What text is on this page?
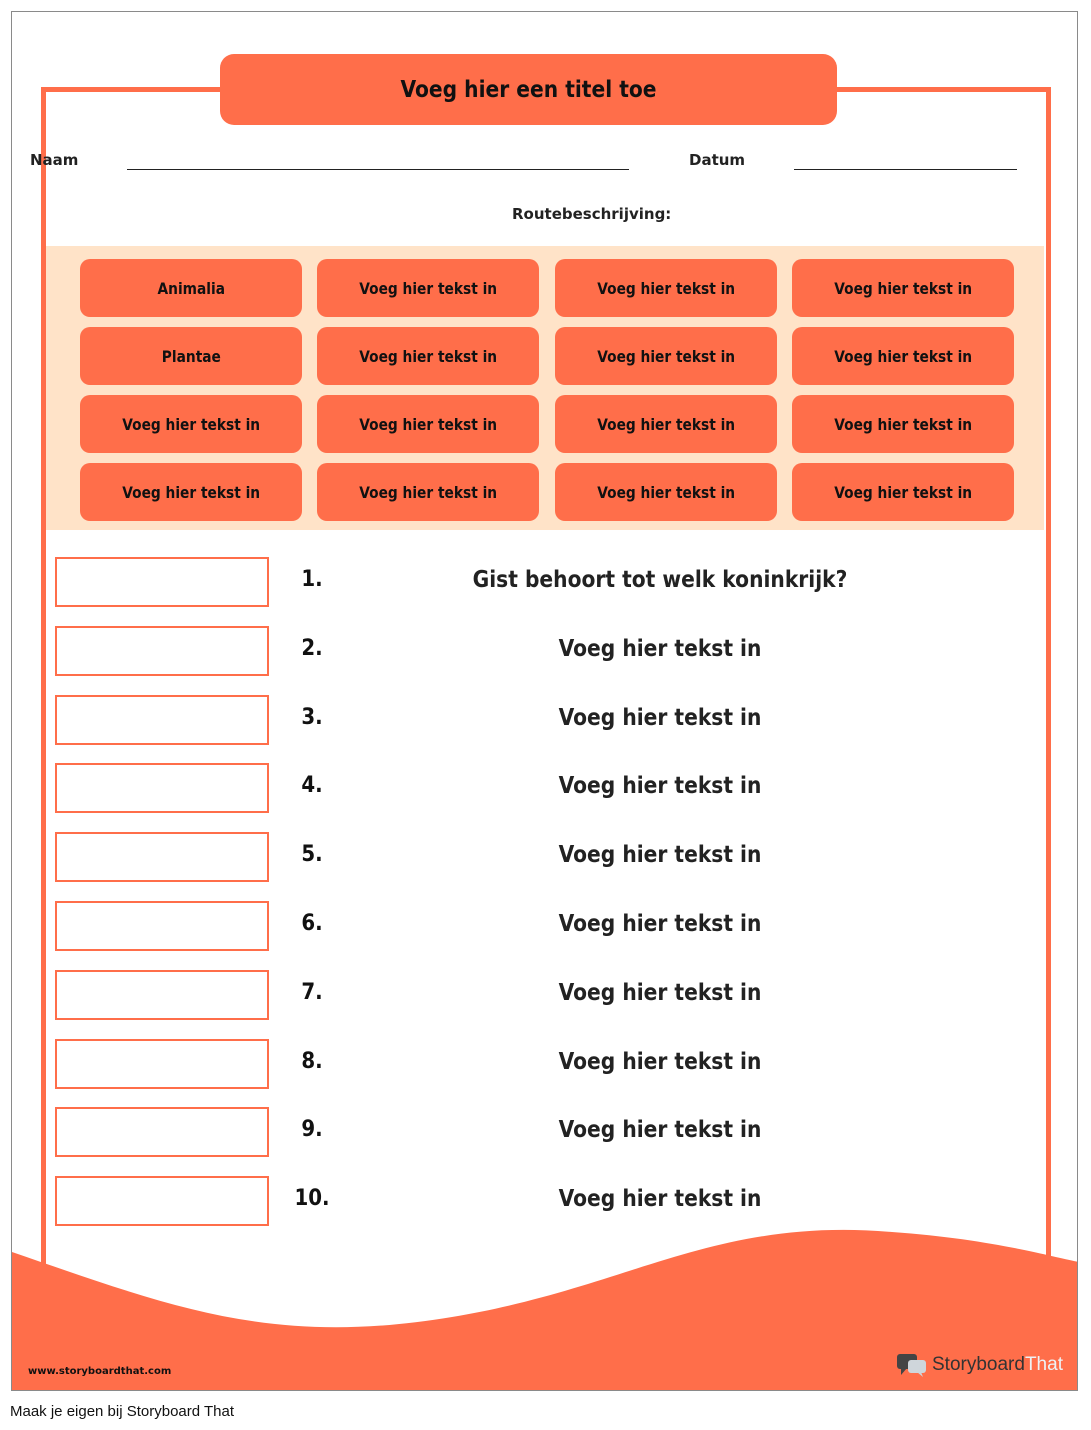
Voeg hier een titel toe
Naam	Datum
Routebeschrijving:
Animalia	Voeg hier tekst in	Voeg hier tekst in	Voeg hier tekst in
Plantae	Voeg hier tekst in	Voeg hier tekst in	Voeg hier tekst in
Voeg hier tekst in	Voeg hier tekst in	Voeg hier tekst in	Voeg hier tekst in
Voeg hier tekst in	Voeg hier tekst in	Voeg hier tekst in	Voeg hier tekst in
1.	Gist behoort tot welk koninkrijk?
2.	Voeg hier tekst in
3.	Voeg hier tekst in
4.	Voeg hier tekst in
5.	Voeg hier tekst in
6.	Voeg hier tekst in
7.	Voeg hier tekst in
8.	Voeg hier tekst in
9.	Voeg hier tekst in
10.	Voeg hier tekst in
www.storyboardthat.com	StoryboardThat
Maak je eigen bij Storyboard That
